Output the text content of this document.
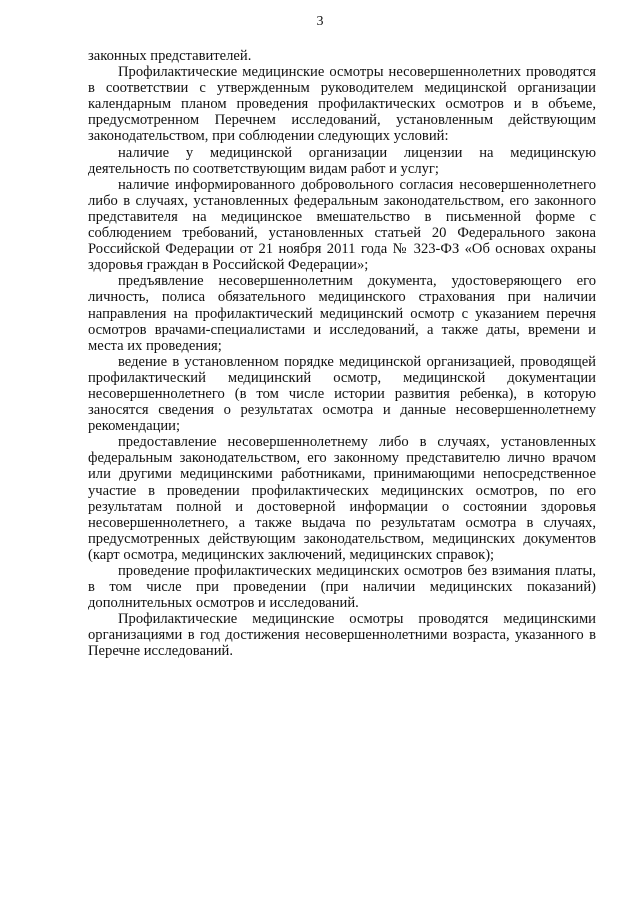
3

законных представителей.

Профилактические медицинские осмотры несовершеннолетних проводятся в соответствии с утвержденным руководителем медицинской организации календарным планом проведения профилактических осмотров и в объеме, предусмотренном Перечнем исследований, установленным действующим законодательством, при соблюдении следующих условий:

наличие у медицинской организации лицензии на медицинскую деятельность по соответствующим видам работ и услуг;

наличие информированного добровольного согласия несовершеннолетнего либо в случаях, установленных федеральным законодательством, его законного представителя на медицинское вмешательство в письменной форме с соблюдением требований, установленных статьей 20 Федерального закона Российской Федерации от 21 ноября 2011 года № 323-ФЗ «Об основах охраны здоровья граждан в Российской Федерации»;

предъявление несовершеннолетним документа, удостоверяющего его личность, полиса обязательного медицинского страхования при наличии направления на профилактический медицинский осмотр с указанием перечня осмотров врачами-специалистами и исследований, а также даты, времени и места их проведения;

ведение в установленном порядке медицинской организацией, проводящей профилактический медицинский осмотр, медицинской документации несовершеннолетнего (в том числе истории развития ребенка), в которую заносятся сведения о результатах осмотра и данные несовершеннолетнему рекомендации;

предоставление несовершеннолетнему либо в случаях, установленных федеральным законодательством, его законному представителю лично врачом или другими медицинскими работниками, принимающими непосредственное участие в проведении профилактических медицинских осмотров, по его результатам полной и достоверной информации о состоянии здоровья несовершеннолетнего, а также выдача по результатам осмотра в случаях, предусмотренных действующим законодательством, медицинских документов (карт осмотра, медицинских заключений, медицинских справок);

проведение профилактических медицинских осмотров без взимания платы, в том числе при проведении (при наличии медицинских показаний) дополнительных осмотров и исследований.

Профилактические медицинские осмотры проводятся медицинскими организациями в год достижения несовершеннолетними возраста, указанного в Перечне исследований.
